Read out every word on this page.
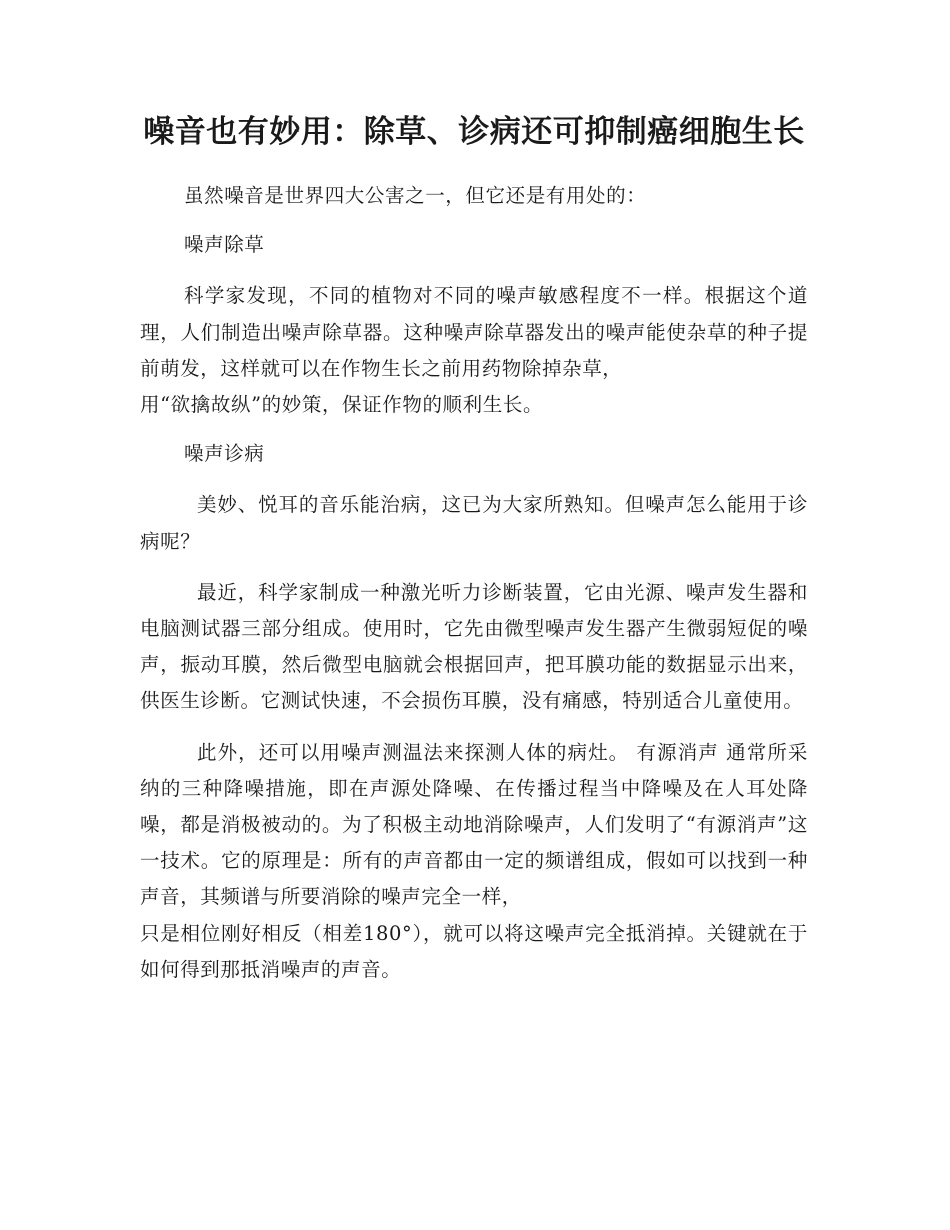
噪音也有妙用：除草、诊病还可抑制癌细胞生长

虽然噪音是世界四大公害之一，但它还是有用处的：

噪声除草

科学家发现，不同的植物对不同的噪声敏感程度不一样。根据这个道理，人们制造出噪声除草器。这种噪声除草器发出的噪声能使杂草的种子提前萌发，这样就可以在作物生长之前用药物除掉杂草，

用“欲擒故纵”的妙策，保证作物的顺利生长。

噪声诊病

美妙、悦耳的音乐能治病，这已为大家所熟知。但噪声怎么能用于诊病呢？

最近，科学家制成一种激光听力诊断装置，它由光源、噪声发生器和电脑测试器三部分组成。使用时，它先由微型噪声发生器产生微弱短促的噪声，振动耳膜，然后微型电脑就会根据回声，把耳膜功能的数据显示出来，供医生诊断。它测试快速，不会损伤耳膜，没有痛感，特别适合儿童使用。

此外，还可以用噪声测温法来探测人体的病灶。 有源消声 通常所采纳的三种降噪措施，即在声源处降噪、在传播过程当中降噪及在人耳处降噪，都是消极被动的。为了积极主动地消除噪声，人们发明了“有源消声”这一技术。它的原理是：所有的声音都由一定的频谱组成，假如可以找到一种声音，其频谱与所要消除的噪声完全一样，

只是相位刚好相反（相差180°），就可以将这噪声完全抵消掉。关键就在于如何得到那抵消噪声的声音。
